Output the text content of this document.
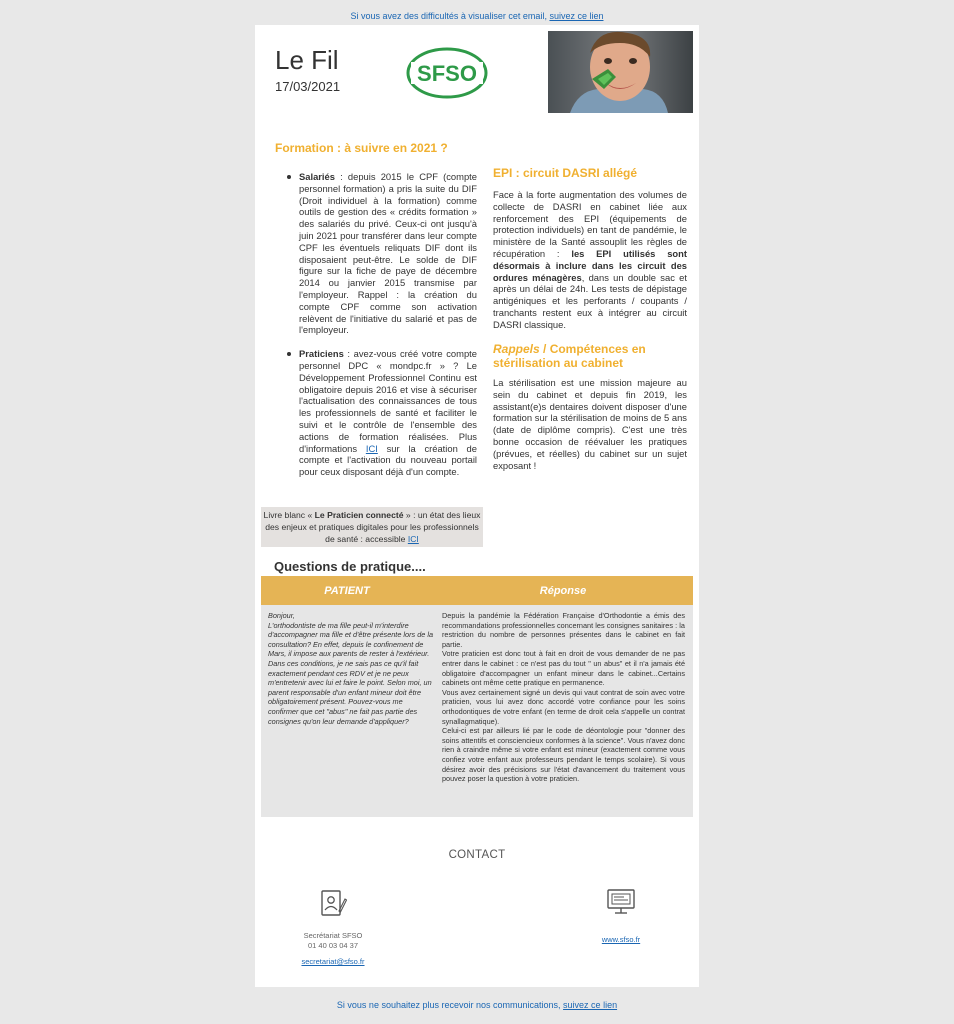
Si vous avez des difficultés à visualiser cet email, suivez ce lien
Le Fil
17/03/2021
SFSO
Formation : à suivre en 2021 ?
Salariés : depuis 2015 le CPF (compte personnel formation) a pris la suite du DIF (Droit individuel à la formation) comme outils de gestion des « crédits formation » des salariés du privé. Ceux-ci ont jusqu'à juin 2021 pour transférer dans leur compte CPF les éventuels reliquats DIF dont ils disposaient peut-être. Le solde de DIF figure sur la fiche de paye de décembre 2014 ou janvier 2015 transmise par l'employeur. Rappel : la création du compte CPF comme son activation relèvent de l'initiative du salarié et pas de l'employeur.
Praticiens : avez-vous créé votre compte personnel DPC « mondpc.fr » ? Le Développement Professionnel Continu est obligatoire depuis 2016 et vise à sécuriser l'actualisation des connaissances de tous les professionnels de santé et faciliter le suivi et le contrôle de l'ensemble des actions de formation réalisées. Plus d'informations ICI sur la création de compte et l'activation du nouveau portail pour ceux disposant déjà d'un compte.
Livre blanc « Le Praticien connecté » : un état des lieux des enjeux et pratiques digitales pour les professionnels de santé : accessible ICI
EPI : circuit DASRI allégé

Face à la forte augmentation des volumes de collecte de DASRI en cabinet liée aux renforcement des EPI (équipements de protection individuels) en tant de pandémie, le ministère de la Santé assouplit les règles de récupération : les EPI utilisés sont désormais à inclure dans les circuit des ordures ménagères, dans un double sac et après un délai de 24h. Les tests de dépistage antigéniques et les perforants / coupants / tranchants restent eux à intégrer au circuit DASRI classique.

Rappels / Compétences en stérilisation au cabinet

La stérilisation est une mission majeure au sein du cabinet et depuis fin 2019, les assistant(e)s dentaires doivent disposer d'une formation sur la stérilisation de moins de 5 ans (date de diplôme compris). C'est une très bonne occasion de réévaluer les pratiques (prévues, et réelles) du cabinet sur un sujet exposant !

Questions de pratique....
PATIENT	Réponse

Bonjour,
L'orthodontiste de ma fille peut-il m'interdire d'accompagner ma fille et d'être présente lors de la consultation? En effet, depuis le confinement de Mars, il impose aux parents de rester à l'extérieur. Dans ces conditions, je ne sais pas ce qu'il fait exactement pendant ces RDV et je ne peux m'entretenir avec lui et faire le point. Selon moi, un parent responsable d'un enfant mineur doit être obligatoirement présent. Pouvez-vous me confirmer que cet "abus" ne fait pas partie des consignes qu'on leur demande d'appliquer?

Depuis la pandémie la Fédération Française d'Orthodontie a émis des recommandations professionnelles concernant les consignes sanitaires : la restriction du nombre de personnes présentes dans le cabinet en fait partie.
Votre praticien est donc tout à fait en droit de vous demander de ne pas entrer dans le cabinet : ce n'est pas du tout " un abus" et il n'a jamais été obligatoire d'accompagner un enfant mineur dans le cabinet...Certains cabinets ont même cette pratique en permanence.
Vous avez certainement signé un devis qui vaut contrat de soin avec votre praticien, vous lui avez donc accordé votre confiance pour les soins orthodontiques de votre enfant (en terme de droit cela s'appelle un contrat synallagmatique).
Celui-ci est par ailleurs lié par le code de déontologie pour "donner des soins attentifs et consciencieux conformes à la science". Vous n'avez donc rien à craindre même si votre enfant est mineur (exactement comme vous confiez votre enfant aux professeurs pendant le temps scolaire). Si vous désirez avoir des précisions sur l'état d'avancement du traitement vous pouvez poser la question à votre praticien.

CONTACT
Secrétariat SFSO
01 40 03 04 37
secretariat@sfso.fr
www.sfso.fr
Si vous ne souhaitez plus recevoir nos communications, suivez ce lien
